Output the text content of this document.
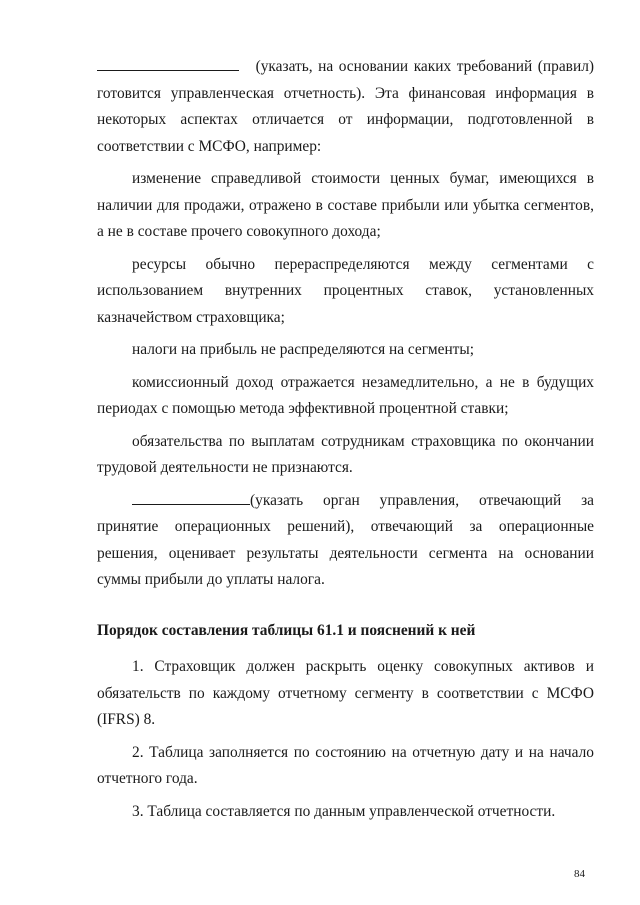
(указать, на основании каких требований (правил) готовится управленческая отчетность). Эта финансовая информация в некоторых аспектах отличается от информации, подготовленной в соответствии с МСФО, например:

изменение справедливой стоимости ценных бумаг, имеющихся в наличии для продажи, отражено в составе прибыли или убытка сегментов, а не в составе прочего совокупного дохода;

ресурсы обычно перераспределяются между сегментами с использованием внутренних процентных ставок, установленных казначейством страховщика;

налоги на прибыль не распределяются на сегменты;

комиссионный доход отражается незамедлительно, а не в будущих периодах с помощью метода эффективной процентной ставки;

обязательства по выплатам сотрудникам страховщика по окончании трудовой деятельности не признаются.

(указать орган управления, отвечающий за принятие операционных решений), отвечающий за операционные решения, оценивает результаты деятельности сегмента на основании суммы прибыли до уплаты налога.

Порядок составления таблицы 61.1 и пояснений к ней

1. Страховщик должен раскрыть оценку совокупных активов и обязательств по каждому отчетному сегменту в соответствии с МСФО (IFRS) 8.

2. Таблица заполняется по состоянию на отчетную дату и на начало отчетного года.

3. Таблица составляется по данным управленческой отчетности.

84
